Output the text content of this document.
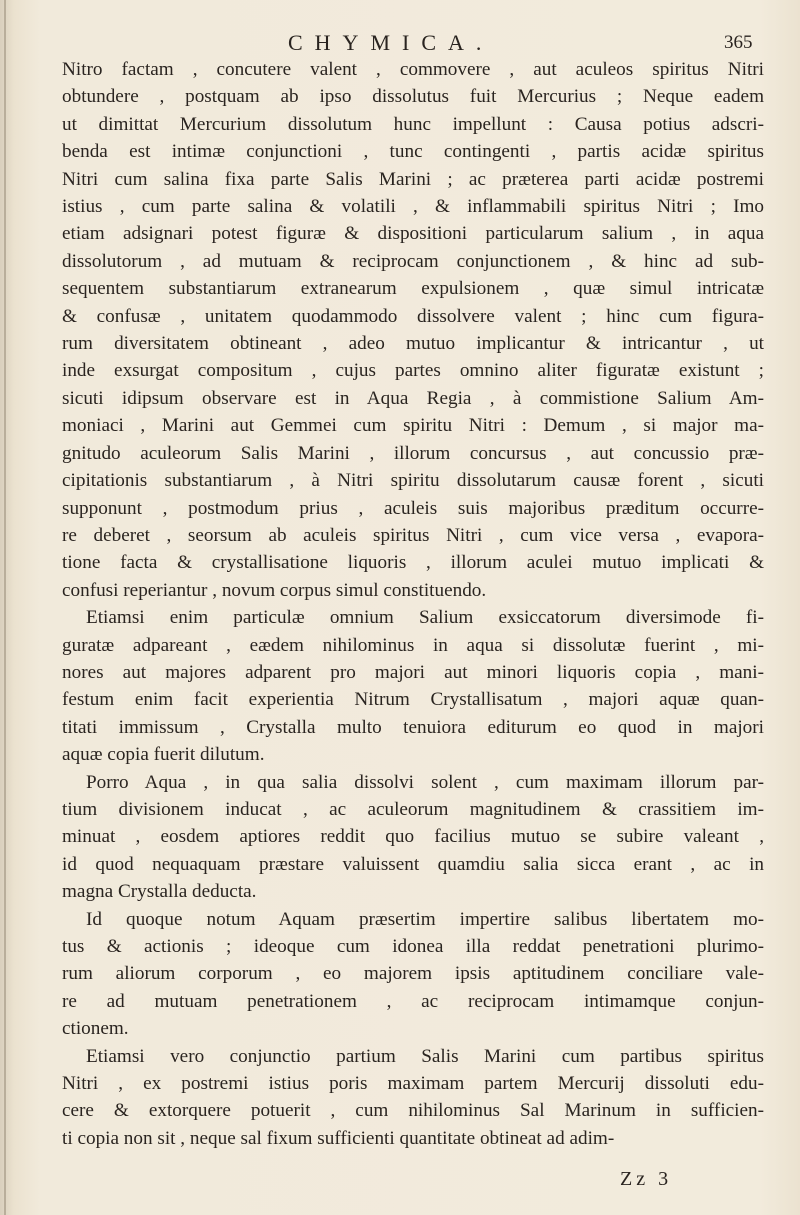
CHYMICA.	365
Nitro factam , concutere valent , commovere , aut aculeos spiritus Nitri
obtundere , postquam ab ipso dissolutus fuit Mercurius ; Neque eadem
ut dimittat Mercurium dissolutum hunc impellunt : Causa potius adscri-
benda est intimæ conjunctioni , tunc contingenti , partis acidæ spiritus
Nitri cum salina fixa parte Salis Marini ; ac præterea parti acidæ postremi
istius , cum parte salina & volatili , & inflammabili spiritus Nitri ; Imo
etiam adsignari potest figuræ & dispositioni particularum salium , in aqua
dissolutorum , ad mutuam & reciprocam conjunctionem , & hinc ad sub-
sequentem substantiarum extranearum expulsionem , quæ simul intricatæ
& confusæ , unitatem quodammodo dissolvere valent ; hinc cum figura-
rum diversitatem obtineant , adeo mutuo implicantur & intricantur , ut
inde exsurgat compositum , cujus partes omnino aliter figuratæ existunt ;
sicuti idipsum observare est in Aqua Regia , à commistione Salium Am-
moniaci , Marini aut Gemmei cum spiritu Nitri : Demum , si major ma-
gnitudo aculeorum Salis Marini , illorum concursus , aut concussio præ-
cipitationis substantiarum , à Nitri spiritu dissolutarum causæ forent , sicuti
supponunt , postmodum prius , aculeis suis majoribus præditum occurre-
re deberet , seorsum ab aculeis spiritus Nitri , cum vice versa , evapora-
tione facta & crystallisatione liquoris , illorum aculei mutuo implicati &
confusi reperiantur , novum corpus simul constituendo.
Etiamsi enim particulæ omnium Salium exsiccatorum diversimode fi-
guratæ adpareant , eædem nihilominus in aqua si dissolutæ fuerint , mi-
nores aut majores adparent pro majori aut minori liquoris copia , mani-
festum enim facit experientia Nitrum Crystallisatum , majori aquæ quan-
titati immissum , Crystalla multo tenuiora editurum eo quod in majori
aquæ copia fuerit dilutum.
Porro Aqua , in qua salia dissolvi solent , cum maximam illorum par-
tium divisionem inducat , ac aculeorum magnitudinem & crassitiem im-
minuat , eosdem aptiores reddit quo facilius mutuo se subire valeant ,
id quod nequaquam præstare valuissent quamdiu salia sicca erant , ac in
magna Crystalla deducta.
Id quoque notum Aquam præsertim impertire salibus libertatem mo-
tus & actionis ; ideoque cum idonea illa reddat penetrationi plurimo-
rum aliorum corporum , eo majorem ipsis aptitudinem conciliare vale-
re ad mutuam penetrationem , ac reciprocam intimamque conjun-
ctionem.
Etiamsi vero conjunctio partium Salis Marini cum partibus spiritus
Nitri , ex postremi istius poris maximam partem Mercurij dissoluti edu-
cere & extorquere potuerit , cum nihilominus Sal Marinum in sufficien-
ti copia non sit , neque sal fixum sufficienti quantitate obtineat ad adim-
Zz 3
